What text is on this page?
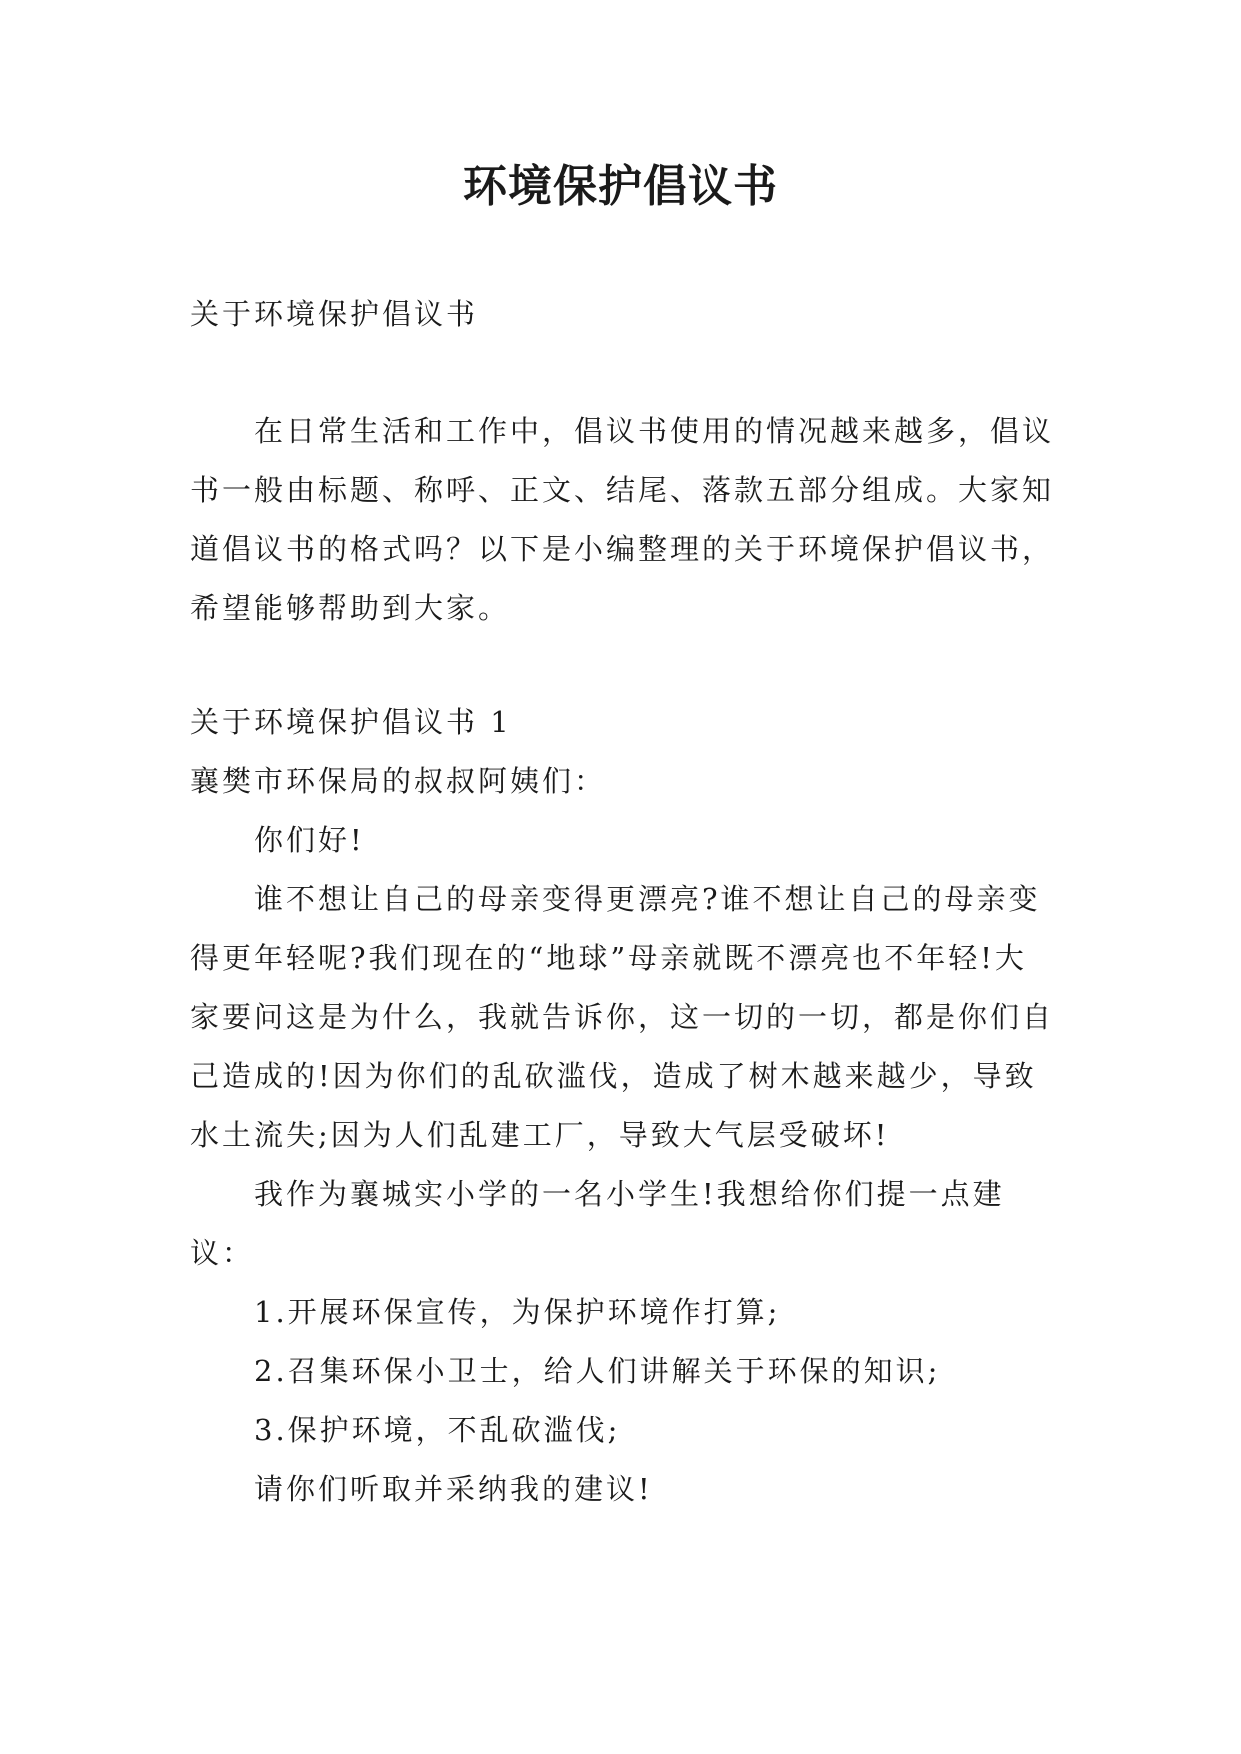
环境保护倡议书

关于环境保护倡议书

在日常生活和工作中，倡议书使用的情况越来越多，倡议书一般由标题、称呼、正文、结尾、落款五部分组成。大家知道倡议书的格式吗？以下是小编整理的关于环境保护倡议书，希望能够帮助到大家。

关于环境保护倡议书 1

襄樊市环保局的叔叔阿姨们：

你们好!

谁不想让自己的母亲变得更漂亮?谁不想让自己的母亲变得更年轻呢?我们现在的“地球”母亲就既不漂亮也不年轻!大家要问这是为什么，我就告诉你，这一切的一切，都是你们自己造成的!因为你们的乱砍滥伐，造成了树木越来越少，导致水土流失;因为人们乱建工厂，导致大气层受破坏!

我作为襄城实小学的一名小学生!我想给你们提一点建议：

1.开展环保宣传，为保护环境作打算;

2.召集环保小卫士，给人们讲解关于环保的知识;

3.保护环境，不乱砍滥伐;

请你们听取并采纳我的建议!
